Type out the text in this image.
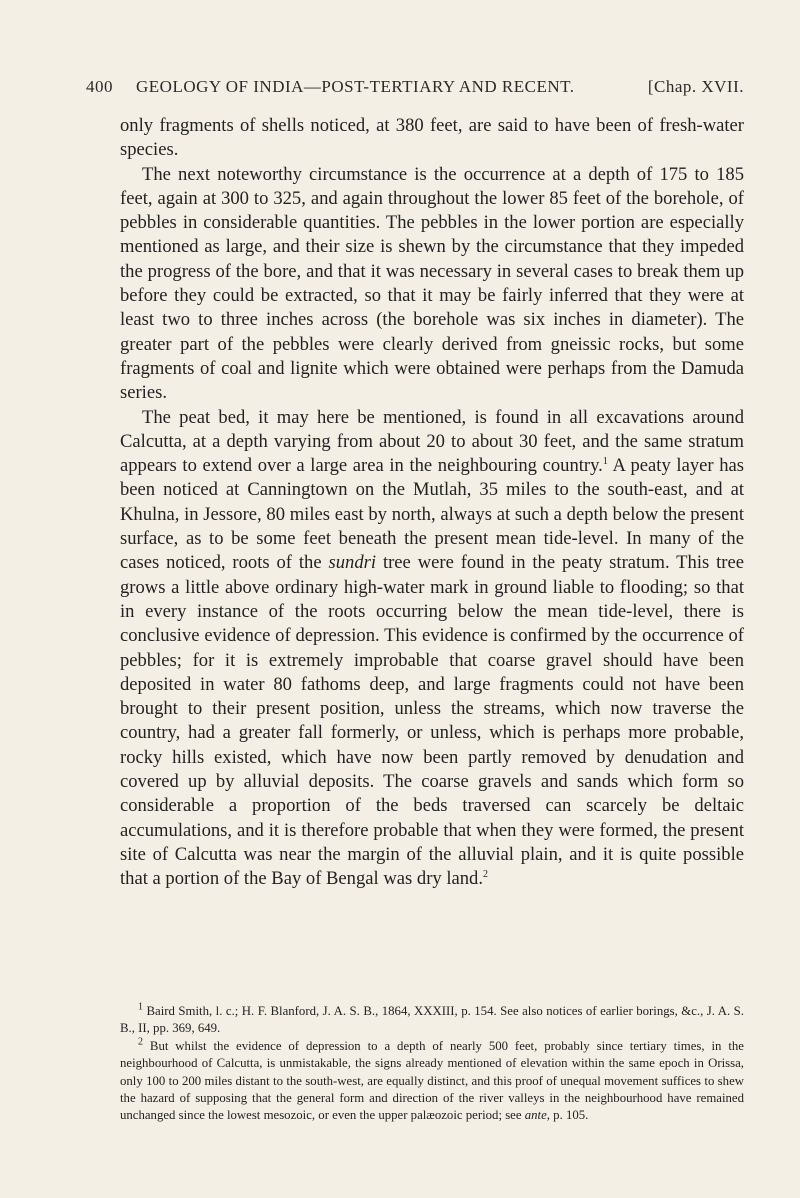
400 GEOLOGY OF INDIA—POST-TERTIARY AND RECENT.	[Chap. XVII.

only fragments of shells noticed, at 380 feet, are said to have been of fresh-water species.

The next noteworthy circumstance is the occurrence at a depth of 175 to 185 feet, again at 300 to 325, and again throughout the lower 85 feet of the borehole, of pebbles in considerable quantities. The pebbles in the lower portion are especially mentioned as large, and their size is shewn by the circumstance that they impeded the progress of the bore, and that it was necessary in several cases to break them up before they could be extracted, so that it may be fairly inferred that they were at least two to three inches across (the borehole was six inches in diameter). The greater part of the pebbles were clearly derived from gneissic rocks, but some fragments of coal and lignite which were obtained were perhaps from the Damuda series.

The peat bed, it may here be mentioned, is found in all excavations around Calcutta, at a depth varying from about 20 to about 30 feet, and the same stratum appears to extend over a large area in the neighbouring country.$^1$ A peaty layer has been noticed at Canningtown on the Mutlah, 35 miles to the south-east, and at Khulna, in Jessore, 80 miles east by north, always at such a depth below the present surface, as to be some feet beneath the present mean tide-level. In many of the cases noticed, roots of the sundri tree were found in the peaty stratum. This tree grows a little above ordinary high-water mark in ground liable to flooding; so that in every instance of the roots occurring below the mean tide-level, there is conclusive evidence of depression. This evidence is confirmed by the occurrence of pebbles; for it is extremely improbable that coarse gravel should have been deposited in water 80 fathoms deep, and large fragments could not have been brought to their present position, unless the streams, which now traverse the country, had a greater fall formerly, or unless, which is perhaps more probable, rocky hills existed, which have now been partly removed by denudation and covered up by alluvial deposits. The coarse gravels and sands which form so considerable a proportion of the beds traversed can scarcely be deltaic accumulations, and it is therefore probable that when they were formed, the present site of Calcutta was near the margin of the alluvial plain, and it is quite possible that a portion of the Bay of Bengal was dry land.$^2$

$^1$ Baird Smith, l. c.; H. F. Blanford, J. A. S. B., 1864, XXXIII, p. 154. See also notices of earlier borings, &c., J. A. S. B., II, pp. 369, 649.

$^2$ But whilst the evidence of depression to a depth of nearly 500 feet, probably since tertiary times, in the neighbourhood of Calcutta, is unmistakable, the signs already mentioned of elevation within the same epoch in Orissa, only 100 to 200 miles distant to the south-west, are equally distinct, and this proof of unequal movement suffices to shew the hazard of supposing that the general form and direction of the river valleys in the neighbourhood have remained unchanged since the lowest mesozoic, or even the upper palæozoic period; see ante, p. 105.
